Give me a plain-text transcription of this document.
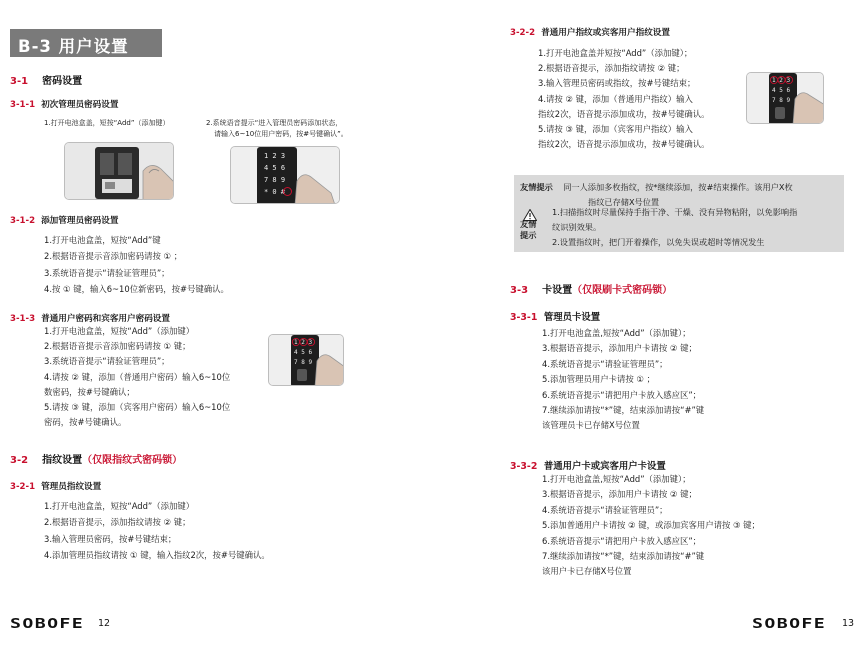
B-3 用户设置
3-1 密码设置
3-1-1 初次管理员密码设置
1.打开电池盒盖，短按“Add”（添加键）	2.系统语音提示“进入管理员密码添加状态，
请输入6~10位用户密码，按#号键确认”。
1 2 3
4 5 6
7 8 9
* 0 #
3-1-2 添加管理员密码设置
1.打开电池盒盖，短按“Add”键
2.根据语音提示音添加密码请按 ① ；
3.系统语音提示“请验证管理员”；
4.按 ① 键，输入6~10位新密码，按#号键确认。
3-1-3 普通用户密码和宾客用户密码设置
1.打开电池盒盖，短按“Add”（添加键）
2.根据语音提示音添加密码请按 ① 键；
3.系统语音提示“请验证管理员”；
4.请按 ② 键，添加（普通用户密码）输入6~10位
数密码，按#号键确认；
5.请按 ③ 键，添加（宾客用户密码）输入6~10位
密码，按#号键确认。
1 2 3
4 5 6
7 8 9
3-2 指纹设置（仅限指纹式密码锁）
3-2-1 管理员指纹设置
1.打开电池盒盖，短按“Add”（添加键）
2.根据语音提示，添加指纹请按 ② 键；
3.输入管理员密码，按#号键结束；
4.添加管理员指纹请按 ① 键，输入指纹2次，按#号键确认。
SOBOFE 12
3-2-2 普通用户指纹或宾客用户指纹设置
1.打开电池盒盖并短按“Add”（添加键）；
2.根据语音提示，添加指纹请按 ② 键；
3.输入管理员密码或指纹，按#号键结束；
4.请按 ② 键，添加（普通用户指纹）输入
指纹2次，语音提示添加成功，按#号键确认。
5.请按 ③ 键，添加（宾客用户指纹）输入
指纹2次，语音提示添加成功，按#号键确认。
1 2 3
4 5 6
7 8 9
友情提示 同一人添加多枚指纹，按*继续添加，按#结束操作。该用户X枚
指纹已存储X号位置
友情
提示
1.扫描指纹时尽量保持手指干净、干燥、没有异物粘附，以免影响指
纹识别效果。
2.设置指纹时，把门开着操作，以免失误或超时等情况发生
3-3 卡设置（仅限刷卡式密码锁）
3-3-1 管理员卡设置
1.打开电池盒盖,短按“Add”（添加键）；
3.根据语音提示，添加用户卡请按 ② 键；
4.系统语音提示“请验证管理员”；
5.添加管理员用户卡请按 ① ；
6.系统语音提示“请把用户卡放入感应区”；
7.继续添加请按“*”键，结束添加请按“#”键
该管理员卡已存储X号位置
3-3-2 普通用户卡或宾客用户卡设置
1.打开电池盒盖,短按“Add”（添加键）；
3.根据语音提示，添加用户卡请按 ② 键；
4.系统语音提示“请验证管理员”；
5.添加普通用户卡请按 ② 键，或添加宾客用户请按 ③ 键；
6.系统语音提示“请把用户卡放入感应区”；
7.继续添加请按“*”键，结束添加请按“#”键
该用户卡已存储X号位置
SOBOFE 13
